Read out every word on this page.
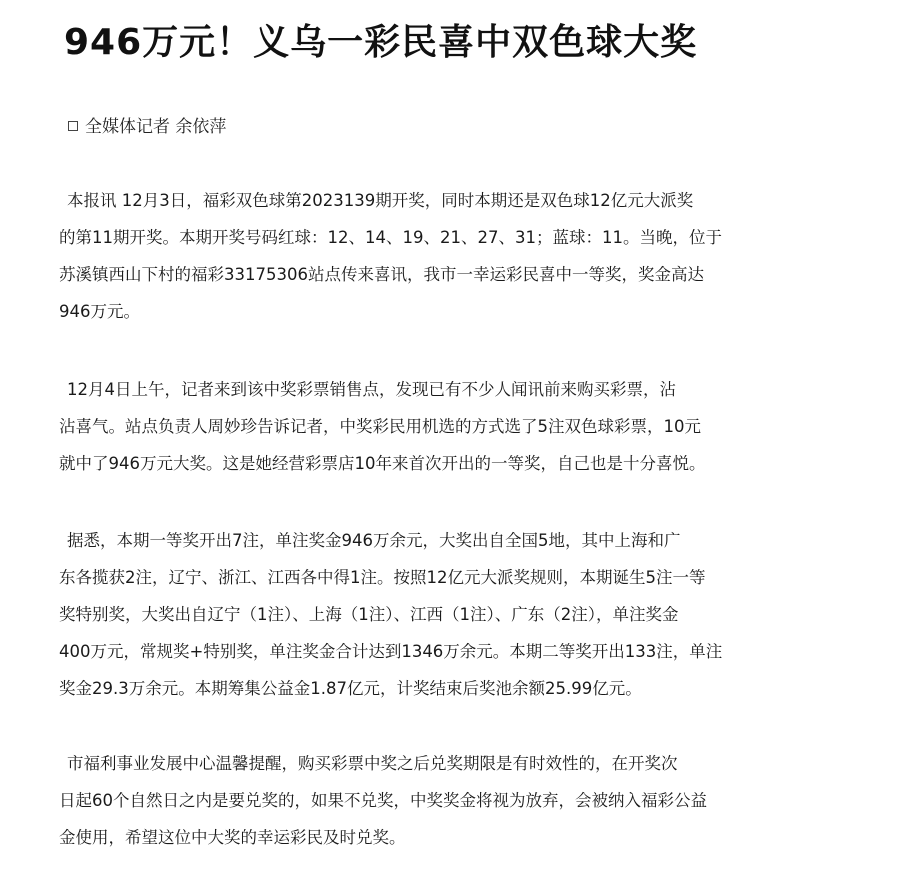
946万元！义乌一彩民喜中双色球大奖
全媒体记者 余依萍

本报讯 12月3日，福彩双色球第2023139期开奖，同时本期还是双色球12亿元大派奖
的第11期开奖。本期开奖号码红球：12、14、19、21、27、31；蓝球：11。当晚，位于
苏溪镇西山下村的福彩33175306站点传来喜讯，我市一幸运彩民喜中一等奖，奖金高达
946万元。

12月4日上午，记者来到该中奖彩票销售点，发现已有不少人闻讯前来购买彩票，沾
沾喜气。站点负责人周妙珍告诉记者，中奖彩民用机选的方式选了5注双色球彩票，10元
就中了946万元大奖。这是她经营彩票店10年来首次开出的一等奖，自己也是十分喜悦。

据悉，本期一等奖开出7注，单注奖金946万余元，大奖出自全国5地，其中上海和广
东各揽获2注，辽宁、浙江、江西各中得1注。按照12亿元大派奖规则，本期诞生5注一等
奖特别奖，大奖出自辽宁（1注）、上海（1注）、江西（1注）、广东（2注），单注奖金
400万元，常规奖+特别奖，单注奖金合计达到1346万余元。本期二等奖开出133注，单注
奖金29.3万余元。本期筹集公益金1.87亿元，计奖结束后奖池余额25.99亿元。

市福利事业发展中心温馨提醒，购买彩票中奖之后兑奖期限是有时效性的，在开奖次
日起60个自然日之内是要兑奖的，如果不兑奖，中奖奖金将视为放弃，会被纳入福彩公益
金使用，希望这位中大奖的幸运彩民及时兑奖。
